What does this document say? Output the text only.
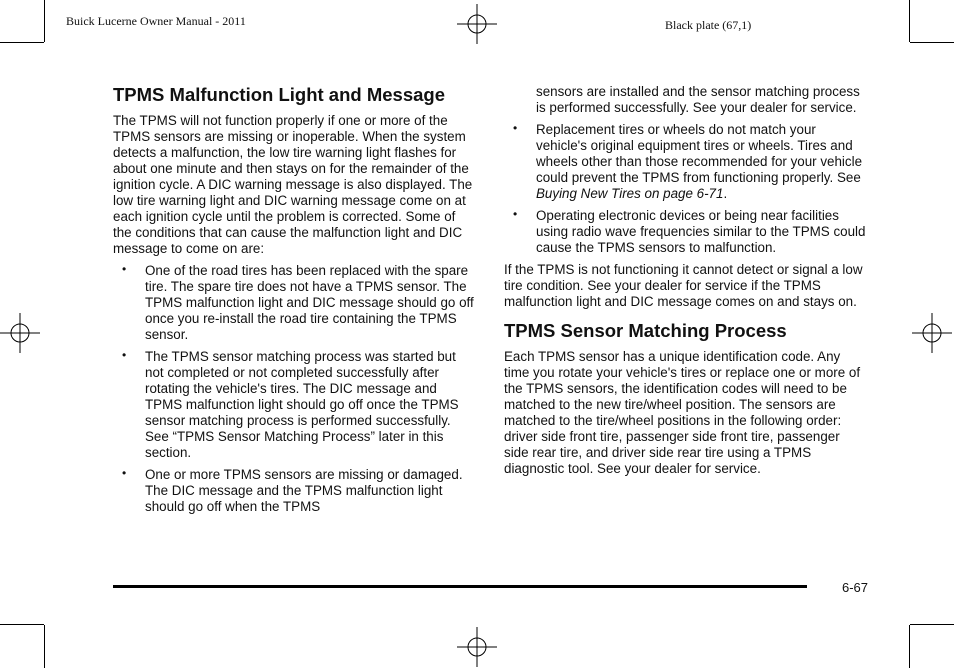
Buick Lucerne Owner Manual - 2011	Black plate (67,1)
TPMS Malfunction Light and Message

The TPMS will not function properly if one or more of the TPMS sensors are missing or inoperable. When the system detects a malfunction, the low tire warning light flashes for about one minute and then stays on for the remainder of the ignition cycle. A DIC warning message is also displayed. The low tire warning light and DIC warning message come on at each ignition cycle until the problem is corrected. Some of the conditions that can cause the malfunction light and DIC message to come on are:

• One of the road tires has been replaced with the spare tire. The spare tire does not have a TPMS sensor. The TPMS malfunction light and DIC message should go off once you re-install the road tire containing the TPMS sensor.
• The TPMS sensor matching process was started but not completed or not completed successfully after rotating the vehicle's tires. The DIC message and TPMS malfunction light should go off once the TPMS sensor matching process is performed successfully. See “TPMS Sensor Matching Process” later in this section.
• One or more TPMS sensors are missing or damaged. The DIC message and the TPMS malfunction light should go off when the TPMS

sensors are installed and the sensor matching process is performed successfully. See your dealer for service.

• Replacement tires or wheels do not match your vehicle's original equipment tires or wheels. Tires and wheels other than those recommended for your vehicle could prevent the TPMS from functioning properly. See Buying New Tires on page 6‑71.
• Operating electronic devices or being near facilities using radio wave frequencies similar to the TPMS could cause the TPMS sensors to malfunction.

If the TPMS is not functioning it cannot detect or signal a low tire condition. See your dealer for service if the TPMS malfunction light and DIC message comes on and stays on.

TPMS Sensor Matching Process

Each TPMS sensor has a unique identification code. Any time you rotate your vehicle's tires or replace one or more of the TPMS sensors, the identification codes will need to be matched to the new tire/wheel position. The sensors are matched to the tire/wheel positions in the following order: driver side front tire, passenger side front tire, passenger side rear tire, and driver side rear tire using a TPMS diagnostic tool. See your dealer for service.

6-67
